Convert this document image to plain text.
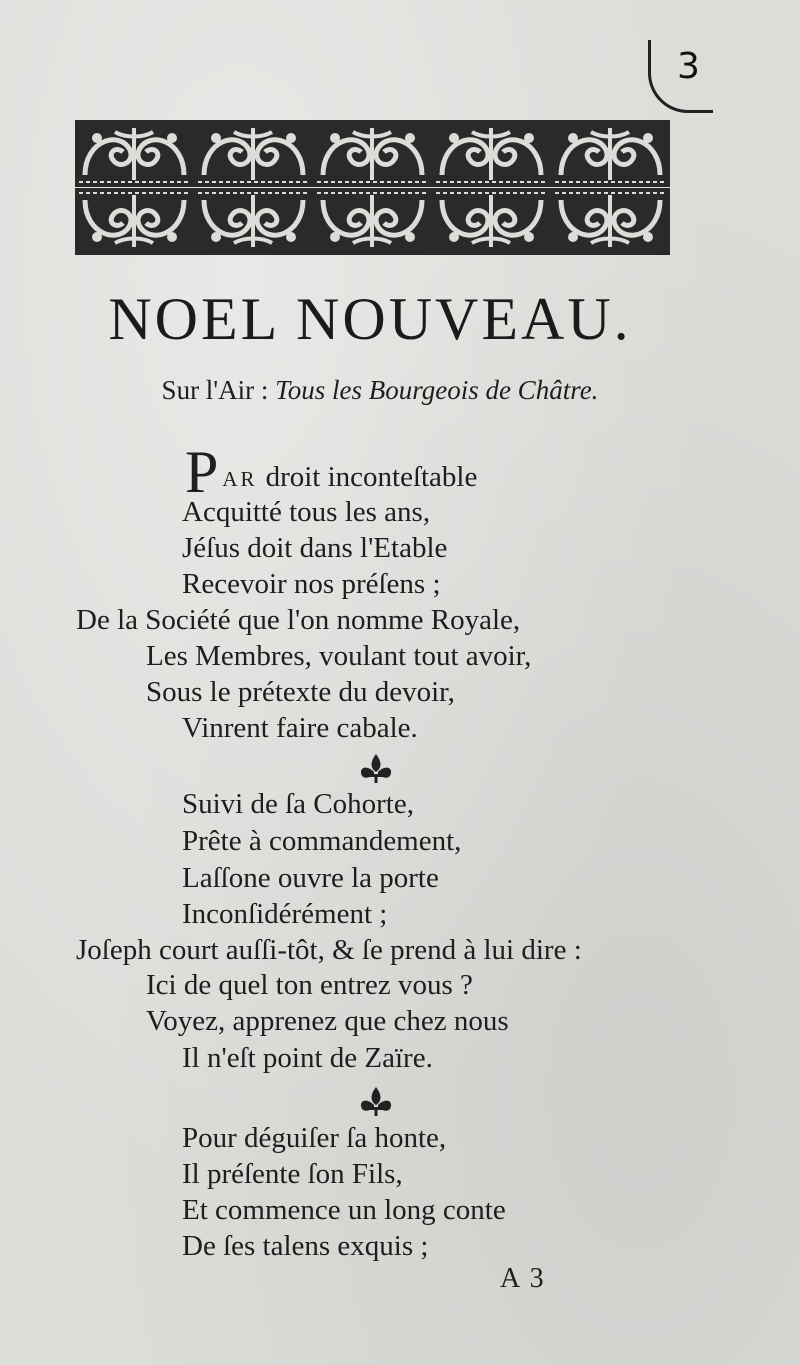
3
NOEL NOUVEAU.
Sur l'Air : Tous les Bourgeois de Châtre.
PAR droit inconteſtable
Acquitté tous les ans,
Jéſus doit dans l'Etable
Recevoir nos préſens ;
De la Société que l'on nomme Royale,
Les Membres, voulant tout avoir,
Sous le prétexte du devoir,
Vinrent faire cabale.
Suivi de ſa Cohorte,
Prête à commandement,
Laſſone ouvre la porte
Inconſidérément ;
Joſeph court auſſi-tôt, & ſe prend à lui dire :
Ici de quel ton entrez vous ?
Voyez, apprenez que chez nous
Il n'eſt point de Zaïre.
Pour déguiſer ſa honte,
Il préſente ſon Fils,
Et commence un long conte
De ſes talens exquis ;
A 3
